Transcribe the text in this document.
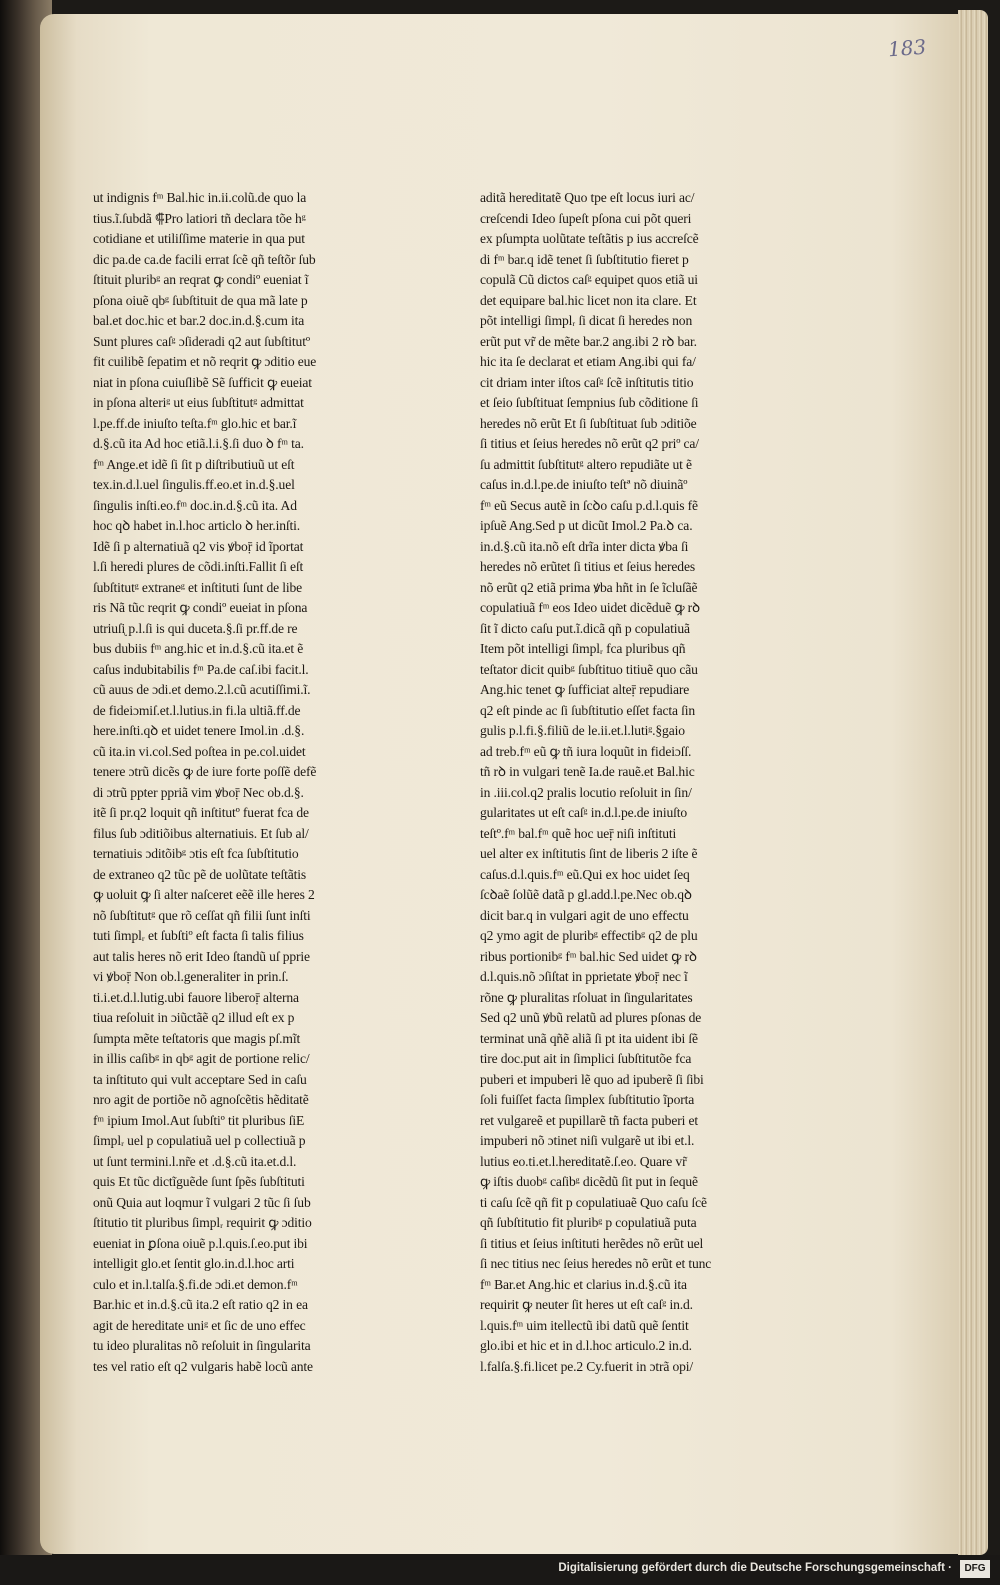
183
ut indignis fᵐ Bal.hic in.ii.colũ.de quo la
tius.ĩ.ſubdã ⸿Pro latiori tñ declara tõe hᵍ
cotidiane et utiliſſime materie in qua put
dic pa.de ca.de facili errat ſcẽ qñ teſtõr ſub
ſtituit pluribᵍ an reqrat ꝙ condiº eueniat ĩ
pſona oiuẽ qbᵍ ſubſtituit de qua mã late p
bal.et doc.hic et bar.2 doc.in.d.§.cum ita
Sunt plures caſᵍ ɔſideradi q2 aut ſubſtitutº
fit cuilibẽ ſepatim et nõ reqrit ꝙ ɔditio eue
niat in pſona cuiuſlibẽ Sẽ ſufficit ꝙ eueiat
in pſona alteriᵍ ut eius ſubſtitutᵍ admittat
l.pe.ff.de iniuſto teſta.fᵐ glo.hic et bar.ĩ
d.§.cũ ita Ad hoc etiã.l.i.§.ſi duo ꝺ fᵐ ta.
fᵐ Ange.et idẽ ſi ſit p diſtributiuũ ut eſt
tex.in.d.l.uel ſingulis.ff.eo.et in.d.§.uel
ſingulis inſti.eo.fᵐ doc.in.d.§.cũ ita. Ad
hoc qꝺ habet in.l.hoc articlo ꝺ her.inſti.
Idẽ ſi p alternatiuã q2 vis ꝟboṝ id ĩportat
l.ſi heredi plures de cõdi.inſti.Fallit ſi eſt
ſubſtitutᵍ extraneᵍ et inſtituti ſunt de libe
ris Nã tũc reqrit ꝙ condiº eueiat in pſona
utriuſᶖ p.l.ſi is qui duceta.§.ſi pr.ff.de re
bus dubiis fᵐ ang.hic et in.d.§.cũ ita.et ẽ
caſus indubitabilis fᵐ Pa.de caſ.ibi facit.l.
cũ auus de ɔdi.et demo.2.l.cũ acutiſſimi.ĩ.
de fideiɔmiſ.et.l.lutius.in fi.la ultiã.ff.de
here.inſti.qꝺ et uidet tenere Imol.in .d.§.
cũ ita.in vi.col.Sed poſtea in pe.col.uidet
tenere ɔtrũ dicẽs ꝙ de iure forte poſſẽ defẽ
di ɔtrũ ppter ppriã vim ꝟboṝ Nec ob.d.§.
itẽ ſi pr.q2 loquit qñ inſtitutº fuerat fca de
filus ſub ɔditiõibus alternatiuis. Et ſub al/
ternatiuis ɔditõibᵍ ɔtis eſt fca ſubſtitutio
de extraneo q2 tũc pẽ de uolũtate teſtãtis
ꝙ uoluit ꝙ ſi alter naſceret eẽẽ ille heres 2
nõ ſubſtitutᵍ que rõ ceſſat qñ filii ſunt inſti
tuti ſimplᵣ et ſubſtiº eſt facta ſi talis filius
aut talis heres nõ erit Ideo ſtandũ uſ pprie
vi ꝟboṝ Non ob.l.generaliter in prin.ſ.
ti.i.et.d.l.lutig.ubi fauore liberoṝ alterna
tiua reſoluit in ɔiũctãẽ q2 illud eſt ex p
ſumpta mẽte teſtatoris que magis pſ.mĩt
in illis caſibᵍ in qbᵍ agit de portione relic/
ta inſtituto qui vult acceptare Sed in caſu
nro agit de portiõe nõ agnoſcẽtis hẽditatẽ
fᵐ ipium Imol.Aut ſubſtiº tit pluribus ſiE
ſimplᵣ uel p copulatiuã uel p collectiuã p
ut ſunt termini.l.nr̃e et .d.§.cũ ita.et.d.l.
quis Et tũc dictĩguẽde ſunt ſpẽs ſubſtituti
onũ Quia aut loqmur ĩ vulgari 2 tũc ſi ſub
ſtitutio tit pluribus ſimplᵣ requirit ꝙ ɔditio
eueniat in ꝑſona oiuẽ p.l.quis.ſ.eo.put ibi
intelligit glo.et ſentit glo.in.d.l.hoc arti
culo et in.l.talſa.§.fi.de ɔdi.et demon.fᵐ
Bar.hic et in.d.§.cũ ita.2 eſt ratio q2 in ea
agit de hereditate uniᵍ et ſic de uno effec
tu ideo pluralitas nõ reſoluit in ſingularita
tes vel ratio eſt q2 vulgaris habẽ locũ ante
aditã hereditatẽ Quo tpe eſt locus iuri ac/
creſcendi Ideo ſupeſt pſona cui põt queri
ex pſumpta uolũtate teſtãtis p ius accreſcẽ
di fᵐ bar.q idẽ tenet ſi ſubſtitutio fieret p
copulã Cũ dictos caſᵍ equipet quos etiã ui
det equipare bal.hic licet non ita clare. Et
põt intelligi ſimplᵣ ſi dicat ſi heredes non
erũt put vr̃ de mẽte bar.2 ang.ibi 2 rꝺ bar.
hic ita ſe declarat et etiam Ang.ibi qui fa/
cit driam inter iſtos caſᵍ ſcẽ inſtitutis titio
et ſeio ſubſtituat ſempnius ſub cõditione ſi
heredes nõ erũt Et ſi ſubſtituat ſub ɔditiõe
ſi titius et ſeius heredes nõ erũt q2 priº ca/
ſu admittit ſubſtitutᵍ altero repudiãte ut ẽ
caſus in.d.l.pe.de iniuſto teſtª nõ diuinãº
fᵐ eũ Secus autẽ in ſcꝺo caſu p.d.l.quis fẽ
ipſuẽ Ang.Sed p ut dicũt Imol.2 Pa.ꝺ ca.
in.d.§.cũ ita.nõ eſt drĩa inter dicta ꝟba ſi
heredes nõ erũtet ſi titius et ſeius heredes
nõ erũt q2 etiã prima ꝟba hñt in ſe ĩcluſãẽ
copulatiuã fᵐ eos Ideo uidet dicẽduẽ ꝙ rꝺ
ſit ĩ dicto caſu put.ĩ.dicã qñ p copulatiuã
Item põt intelligi ſimplᵣ fca pluribus qñ
teſtator dicit quibᵍ ſubſtituo titiuẽ quo cãu
Ang.hic tenet ꝙ ſufficiat alteṝ repudiare
q2 eſt pinde ac ſi ſubſtitutio eſſet facta ſin
gulis p.l.fi.§.filiũ de le.ii.et.l.lutiᵍ.§gaio
ad treb.fᵐ eũ ꝙ tñ iura loquũt in fideiɔſſ.
tñ rꝺ in vulgari tenẽ Ia.de rauẽ.et Bal.hic
in .iii.col.q2 pralis locutio reſoluit in ſin/
gularitates ut eſt caſᵍ in.d.l.pe.de iniuſto
teſtº.fᵐ bal.fᵐ quẽ hoc ueṝ niſi inſtituti
uel alter ex inſtitutis ſint de liberis 2 iſte ẽ
caſus.d.l.quis.fᵐ eũ.Qui ex hoc uidet ſeq
ſcꝺaẽ ſolũẽ datã p gl.add.l.pe.Nec ob.qꝺ
dicit bar.q in vulgari agit de uno effectu
q2 ymo agit de pluribᵍ effectibᵍ q2 de plu
ribus portionibᵍ fᵐ bal.hic Sed uidet ꝙ rꝺ
d.l.quis.nõ ɔſiſtat in pprietate ꝟboṝ nec ĩ
rõne ꝙ pluralitas rſoluat in ſingularitates
Sed q2 unũ ꝟbũ relatũ ad plures pſonas de
terminat unã qñẽ aliã ſi pt ita uident ibi ſẽ
tire doc.put ait in ſimplici ſubſtitutõe fca
puberi et impuberi lẽ quo ad ipuberẽ ſi ſibi
ſoli fuiſſet facta ſimplex ſubſtitutio ĩporta
ret vulgareẽ et pupillarẽ tñ facta puberi et
impuberi nõ ɔtinet niſi vulgarẽ ut ibi et.l.
lutius eo.ti.et.l.hereditatẽ.ſ.eo. Quare vr̃
ꝙ iſtis duobᵍ caſibᵍ dicẽdũ ſit put in ſequẽ
ti caſu ſcẽ qñ fit p copulatiuaẽ Quo caſu ſcẽ
qñ ſubſtitutio fit pluribᵍ p copulatiuã puta
ſi titius et ſeius inſtituti herẽdes nõ erũt uel
ſi nec titius nec ſeius heredes nõ erũt et tunc
fᵐ Bar.et Ang.hic et clarius in.d.§.cũ ita
requirit ꝙ neuter ſit heres ut eſt caſᵍ in.d.
l.quis.fᵐ uim itellectũ ibi datũ quẽ ſentit
glo.ibi et hic et in d.l.hoc articulo.2 in.d.
l.falſa.§.fi.licet pe.2 Cy.fuerit in ɔtrã opi/
Digitalisierung gefördert durch die Deutsche Forschungsgemeinschaft ·	DFG
